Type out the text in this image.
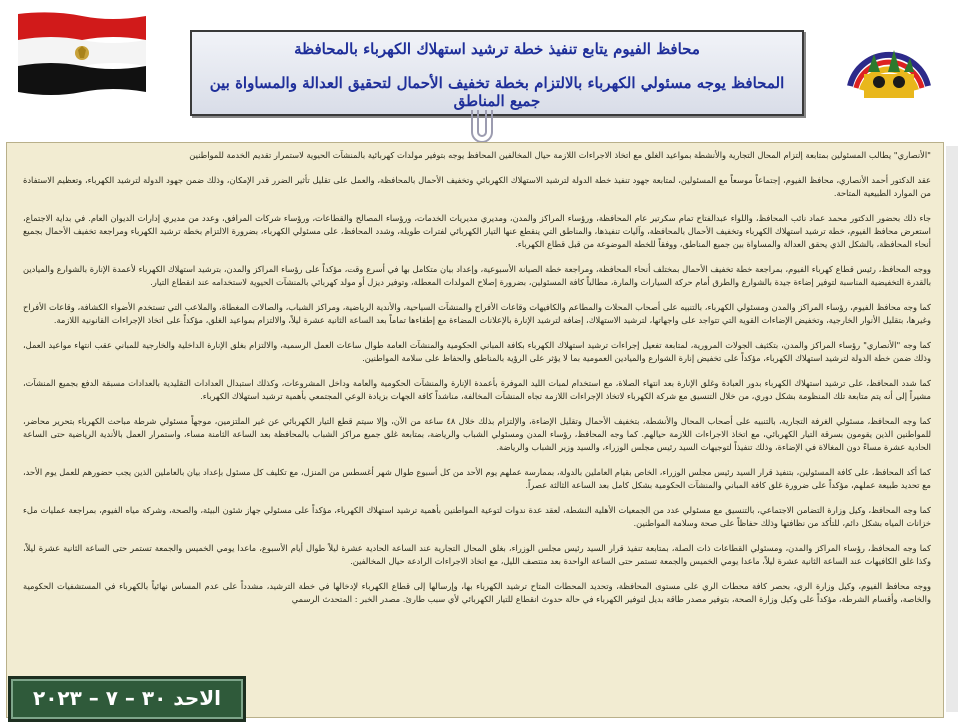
محافظ الفيوم يتابع تنفيذ خطة ترشيد استهلاك الكهرباء بالمحافظة
المحافظ يوجه مسئولي الكهرباء بالالتزام بخطة تخفيف الأحمال لتحقيق العدالة والمساواة بين جميع المناطق

"الأنصاري" يطالب المسئولين بمتابعة إلتزام المحال التجارية والأنشطة بمواعيد الغلق مع اتخاذ الاجراءات اللازمة حيال المخالفين المحافظ يوجه بتوفير مولدات كهربائية بالمنشآت الحيوية لاستمرار تقديم الخدمة للمواطنين

عقد الدكتور أحمد الأنصاري، محافظ الفيوم، إجتماعاً موسعاً مع المسئولين، لمتابعة جهود تنفيذ خطة الدولة لترشيد الاستهلاك الكهربائي وتخفيف الأحمال بالمحافظة، والعمل على تقليل تأثير الضرر قدر الإمكان، وذلك ضمن جهود الدولة لترشيد الكهرباء، وتعظيم الاستفادة من الموارد الطبيعية المتاحة.

جاء ذلك بحضور الدكتور محمد عماد نائب المحافظ، واللواء عبدالفتاح تمام سكرتير عام المحافظة، ورؤساء المراكز والمدن، ومديري مديريات الخدمات، ورؤساء المصالح والقطاعات، ورؤساء شركات المرافق، وعدد من مديري إدارات الديوان العام. في بداية الاجتماع، استعرض محافظ الفيوم، خطة ترشيد استهلاك الكهرباء وتخفيف الأحمال بالمحافظة، وآليات تنفيذها، والمناطق التي ينقطع عنها التيار الكهربائي لفترات طويلة، وشدد المحافظ، على مسئولي الكهرباء، بضرورة الالتزام بخطة ترشيد الكهرباء ومراجعة تخفيف الأحمال بجميع أنحاء المحافظة، بالشكل الذي يحقق العدالة والمساواة بين جميع المناطق، ووفقاً للخطة الموضوعة من قبل قطاع الكهرباء.

ووجه المحافظ، رئيس قطاع كهرباء الفيوم، بمراجعة خطة تخفيف الأحمال بمختلف أنحاء المحافظة، ومراجعة خطة الصيانة الأسبوعية، وإعداد بيان متكامل بها في أسرع وقت، مؤكداً على رؤساء المراكز والمدن، بترشيد استهلاك الكهرباء لأعمدة الإنارة بالشوارع والميادين بالقدرة التخفيضية المناسبة لتوفير إضاءة جيدة بالشوارع والطرق أمام حركة السيارات والمارة، مطالباً كافة المسئولين، بضرورة إصلاح المولدات المعطلة، وتوفير ديزل أو مولد كهربائي بالمنشآت الحيوية لاستخدامه عند انقطاع التيار.

كما وجه محافظ الفيوم، رؤساء المراكز والمدن ومسئولي الكهرباء، بالتنبيه على أصحاب المحلات والمطاعم والكافيهات وقاعات الأفراح والمنشآت السياحية، والأندية الرياضية، ومراكز الشباب، والصالات المغطاة، والملاعب التي تستخدم الأضواء الكشافة، وقاعات الأفراح وغيرها، بتقليل الأنوار الخارجية، وتخفيض الإضاءات القوية التي تتواجد على واجهاتها، لترشيد الاستهلاك، إضافة لترشيد الإنارة بالإعلانات المضاءة مع إطفاءها تماماً بعد الساعة الثانية عشرة ليلاً، والالتزام بمواعيد الغلق، مؤكداً على اتخاذ الإجراءات القانونية اللازمة.

كما وجه "الأنصاري" رؤساء المراكز والمدن، بتكثيف الجولات المرورية، لمتابعة تفعيل إجراءات ترشيد استهلاك الكهرباء بكافة المباني الحكومية والمنشآت العامة طوال ساعات العمل الرسمية، والالتزام بغلق الإنارة الداخلية والخارجية للمباني عقب انتهاء مواعيد العمل، وذلك ضمن خطة الدولة لترشيد استهلاك الكهرباء، مؤكداً على تخفيض إنارة الشوارع والميادين العمومية بما لا يؤثر على الرؤية بالمناطق والحفاظ على سلامة المواطنين.

كما شدد المحافظ، على ترشيد استهلاك الكهرباء بدور العبادة وغلق الإنارة بعد انتهاء الصلاة، مع استخدام لمبات الليد الموفرة بأعمدة الإنارة والمنشآت الحكومية والعامة وداخل المشروعات، وكذلك استبدال العدادات التقليدية بالعدادات مسبقة الدفع بجميع المنشآت، مشيراً إلى أنه يتم متابعة تلك المنظومة بشكل دوري، من خلال التنسيق مع شركة الكهرباء لاتخاذ الإجراءات اللازمة تجاه المنشآت المخالفة، مناشداً كافة الجهات بزيادة الوعي المجتمعي بأهمية ترشيد استهلاك الكهرباء.

كما وجه المحافظ، مسئولي الغرفة التجارية، بالتنبيه على أصحاب المحال والأنشطة، بتخفيف الأحمال وتقليل الإضاءة، والإلتزام بذلك خلال ٤٨ ساعة من الآن، وإلا سيتم قطع التيار الكهربائي عن غير الملتزمين، موجهاً مسئولي شرطة مباحث الكهرباء بتحرير محاضر، للمواطنين الذين يقومون بسرقة التيار الكهربائي، مع اتخاذ الاجراءات اللازمة حيالهم. كما وجه المحافظ، رؤساء المدن ومسئولي الشباب والرياضة، بمتابعة غلق جميع مراكز الشباب بالمحافظة بعد الساعة الثامنة مساء، واستمرار العمل بالأندية الرياضية حتى الساعة الحادية عشرة مساءً دون المغالاة في الإضاءة، وذلك تنفيذاً لتوجيهات السيد رئيس مجلس الوزراء، والسيد وزير الشباب والرياضة.

كما أكد المحافظ، على كافة المسئولين، بتنفيذ قرار السيد رئيس مجلس الوزراء، الخاص بقيام العاملين بالدولة، بممارسة عملهم يوم الأحد من كل أسبوع طوال شهر أغسطس من المنزل، مع تكليف كل مسئول بإعداد بيان بالعاملين الذين يجب حضورهم للعمل يوم الأحد، مع تحديد طبيعة عملهم، مؤكداً على ضرورة غلق كافة المباني والمنشآت الحكومية بشكل كامل بعد الساعة الثالثة عصراً.

كما وجه المحافظ، وكيل وزارة التضامن الاجتماعي، بالتنسيق مع مسئولي عدد من الجمعيات الأهلية النشطة، لعقد عدة ندوات لتوعية المواطنين بأهمية ترشيد استهلاك الكهرباء، مؤكداً على مسئولي جهاز شئون البيئة، والصحة، وشركة مياه الفيوم، بمراجعة عمليات ملء خزانات المياه بشكل دائم، للتأكد من نظافتها وذلك حفاظاً على صحة وسلامة المواطنين.

كما وجه المحافظ، رؤساء المراكز والمدن، ومسئولي القطاعات ذات الصلة، بمتابعة تنفيذ قرار السيد رئيس مجلس الوزراء، بغلق المحال التجارية عند الساعة الحادية عشرة ليلاً طوال أيام الأسبوع، ماعدا يومي الخميس والجمعة تستمر حتى الساعة الثانية عشرة ليلاً، وكذا غلق الكافيهات عند الساعة الثانية عشرة ليلاً، ماعدا يومي الخميس والجمعة تستمر حتى الساعة الواحدة بعد منتصف الليل، مع اتخاذ الاجراءات الرادعة حيال المخالفين.

ووجه محافظ الفيوم، وكيل وزارة الري، بحصر كافة محطات الري على مستوى المحافظة، وتحديد المحطات المتاح ترشيد الكهرباء بها، وإرسالها إلى قطاع الكهرباء لإدخالها في خطة الترشيد، مشدداً على عدم المساس نهائياً بالكهرباء في المستشفيات الحكومية والخاصة، وأقسام الشرطة، مؤكداً على وكيل وزارة الصحة، بتوفير مصدر طاقة بديل لتوفير الكهرباء في حالة حدوث انقطاع للتيار الكهربائي لأي سبب طارئ. مصدر الخبر : المتحدث الرسمي

الاحد ٣٠ – ٧ – ٢٠٢٣
